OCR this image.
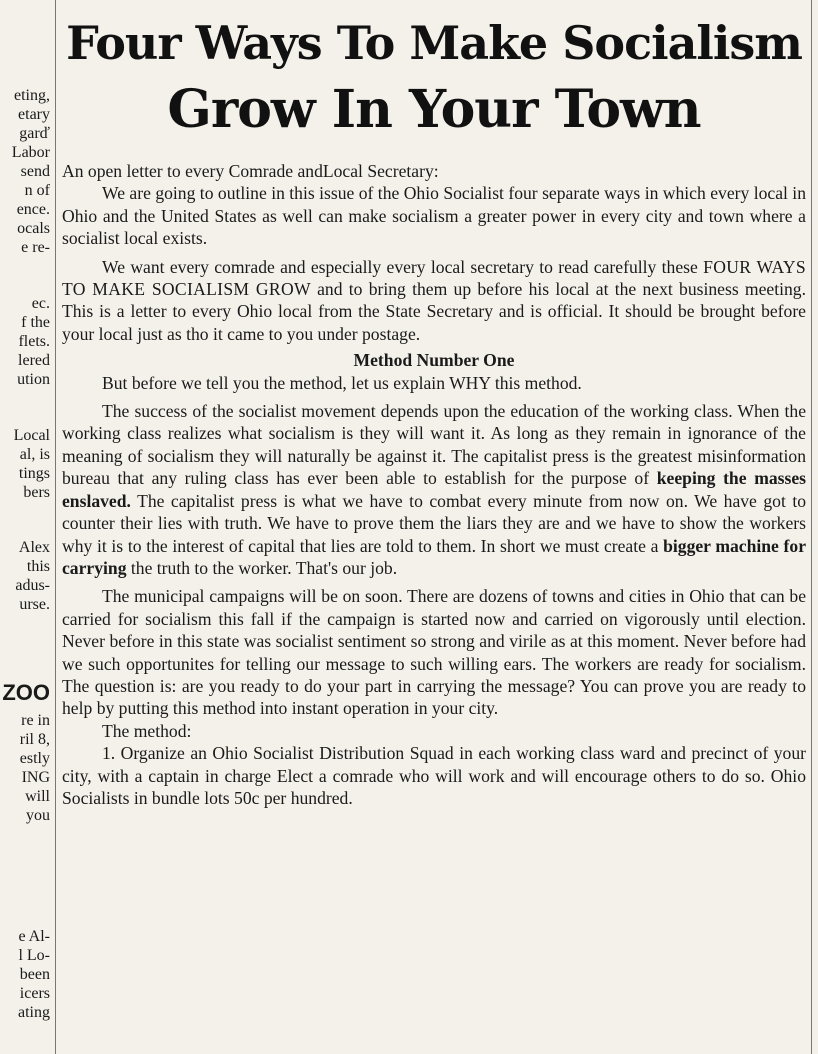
eting,
etary
garď
Labor
send
n of
ence.
ocals
e re-
ec.
f the
flets.
lered
ution
Local
al, is
tings
bers
Alex
this
adus-
urse.
ZOO
re in
ril 8,
estly
ING
will
you
e Al-
l Lo-
been
icers
ating
Four Ways To Make Socialism
Grow In Your Town

An open letter to every Comrade andLocal Secretary:

We are going to outline in this issue of the Ohio Socialist four separate ways in which every local in Ohio and the United States as well can make socialism a greater power in every city and town where a socialist local exists.

We want every comrade and especially every local secretary to read carefully these FOUR WAYS TO MAKE SOCIALISM GROW and to bring them up before his local at the next business meeting. This is a letter to every Ohio local from the State Secretary and is official. It should be brought before your local just as tho it came to you under postage.

Method Number One

But before we tell you the method, let us explain WHY this method.

The success of the socialist movement depends upon the education of the working class. When the working class realizes what socialism is they will want it. As long as they remain in ignorance of the meaning of socialism they will naturally be against it. The capitalist press is the greatest misinformation bureau that any ruling class has ever been able to establish for the purpose of keeping the masses enslaved. The capitalist press is what we have to combat every minute from now on. We have got to counter their lies with truth. We have to prove them the liars they are and we have to show the workers why it is to the interest of capital that lies are told to them. In short we must create a bigger machine for carrying the truth to the worker. That's our job.

The municipal campaigns will be on soon. There are dozens of towns and cities in Ohio that can be carried for socialism this fall if the campaign is started now and carried on vigorously until election. Never before in this state was socialist sentiment so strong and virile as at this moment. Never before had we such opportunites for telling our message to such willing ears. The workers are ready for socialism. The question is: are you ready to do your part in carrying the message? You can prove you are ready to help by putting this method into instant operation in your city.

The method:

1. Organize an Ohio Socialist Distribution Squad in each working class ward and precinct of your city, with a captain in charge Elect a comrade who will work and will encourage others to do so. Ohio Socialists in bundle lots 50c per hundred.
